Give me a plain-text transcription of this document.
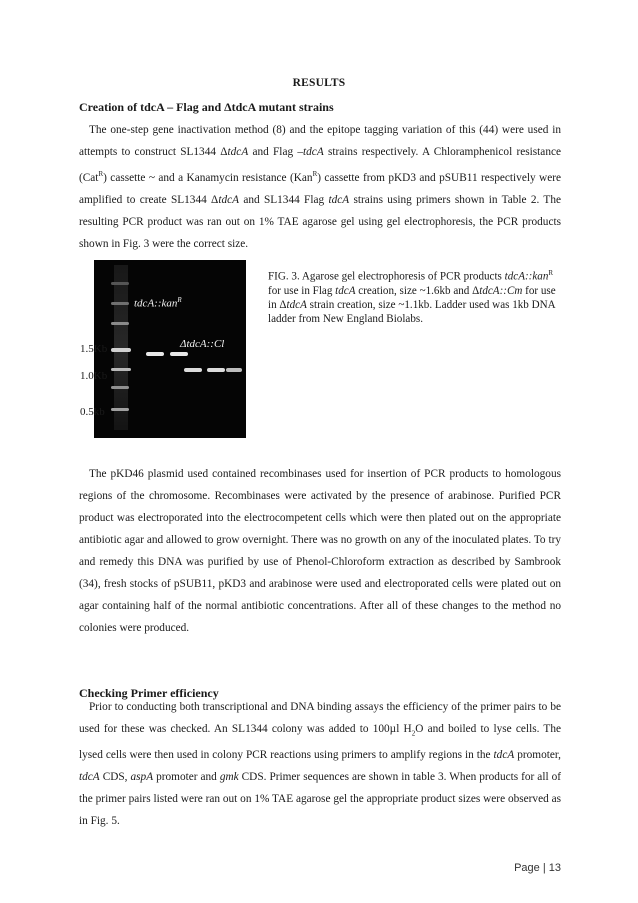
RESULTS
Creation of tdcA – Flag and ΔtdcA mutant strains

The one-step gene inactivation method (8) and the epitope tagging variation of this (44) were used in attempts to construct SL1344 ΔtdcA and Flag –tdcA strains respectively. A Chloramphenicol resistance (Cat$^R$) cassette ~ and a Kanamycin resistance (Kan$^R$) cassette from pKD3 and pSUB11 respectively were amplified to create SL1344 ΔtdcA and SL1344 Flag tdcA strains using primers shown in Table 2. The resulting PCR product was ran out on 1% TAE agarose gel using gel electrophoresis, the PCR products shown in Fig. 3 were the correct size.

tdcA::kan$^R$
ΔtdcA::Cl
1.5Kb
1.0Kb
0.5kb

FIG. 3. Agarose gel electrophoresis of PCR products tdcA::kan$^R$ for use in Flag tdcA creation, size ~1.6kb and ΔtdcA::Cm for use in ΔtdcA strain creation, size ~1.1kb. Ladder used was 1kb DNA ladder from New England Biolabs.

The pKD46 plasmid used contained recombinases used for insertion of PCR products to homologous regions of the chromosome. Recombinases were activated by the presence of arabinose. Purified PCR product was electroporated into the electrocompetent cells which were then plated out on the appropriate antibiotic agar and allowed to grow overnight. There was no growth on any of the inoculated plates. To try and remedy this DNA was purified by use of Phenol-Chloroform extraction as described by Sambrook (34), fresh stocks of pSUB11, pKD3 and arabinose were used and electroporated cells were plated out on agar containing half of the normal antibiotic concentrations. After all of these changes to the method no colonies were produced.

Checking Primer efficiency

Prior to conducting both transcriptional and DNA binding assays the efficiency of the primer pairs to be used for these was checked. An SL1344 colony was added to 100µl $H_2O$ and boiled to lyse cells. The lysed cells were then used in colony PCR reactions using primers to amplify regions in the tdcA promoter, tdcA CDS, aspA promoter and gmk CDS. Primer sequences are shown in table 3. When products for all of the primer pairs listed were ran out on 1% TAE agarose gel the appropriate product sizes were observed as in Fig. 5.

Page | 13
